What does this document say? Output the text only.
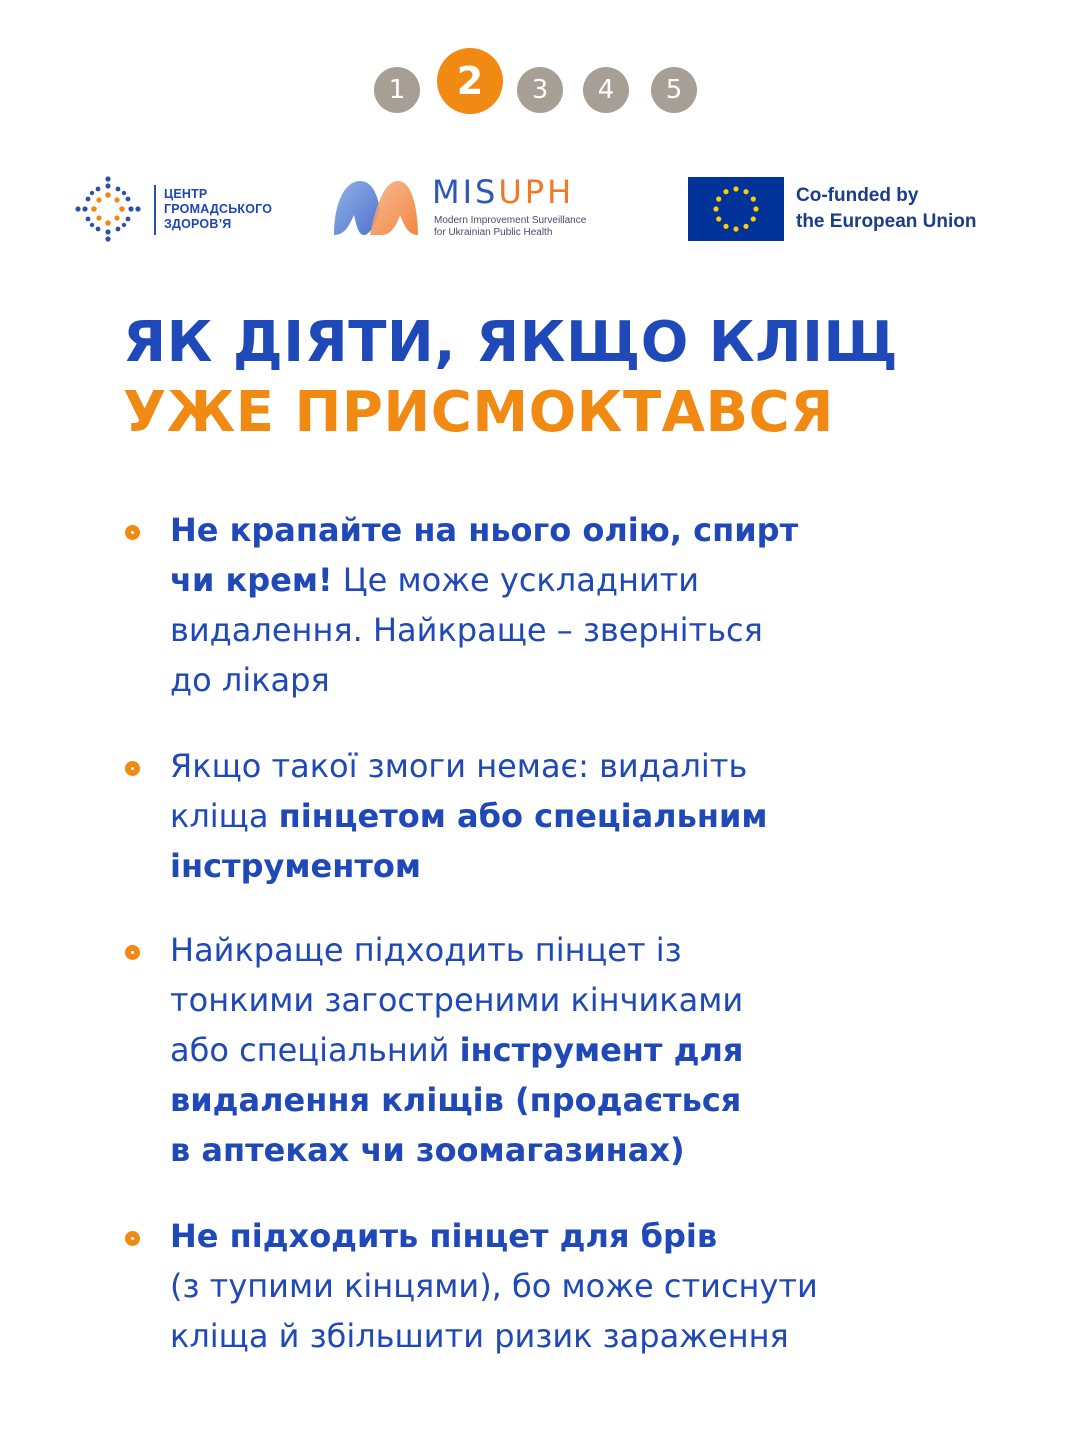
1	2	3	4	5
ЦЕНТР
ГРОМАДСЬКОГО
ЗДОРОВ’Я
MISUPH
Modern Improvement Surveillance
for Ukrainian Public Health
Co-funded by
the European Union
ЯК ДІЯТИ, ЯКЩО КЛІЩ
УЖЕ ПРИСМОКТАВСЯ
Не крапайте на нього олію, спирт
чи крем! Це може ускладнити
видалення. Найкраще – зверніться
до лікаря
Якщо такої змоги немає: видаліть
кліща пінцетом або спеціальним
інструментом
Найкраще підходить пінцет із
тонкими загостреними кінчиками
або спеціальний інструмент для
видалення кліщів (продається
в аптеках чи зоомагазинах)
Не підходить пінцет для брів
(з тупими кінцями), бо може стиснути
кліща й збільшити ризик зараження
